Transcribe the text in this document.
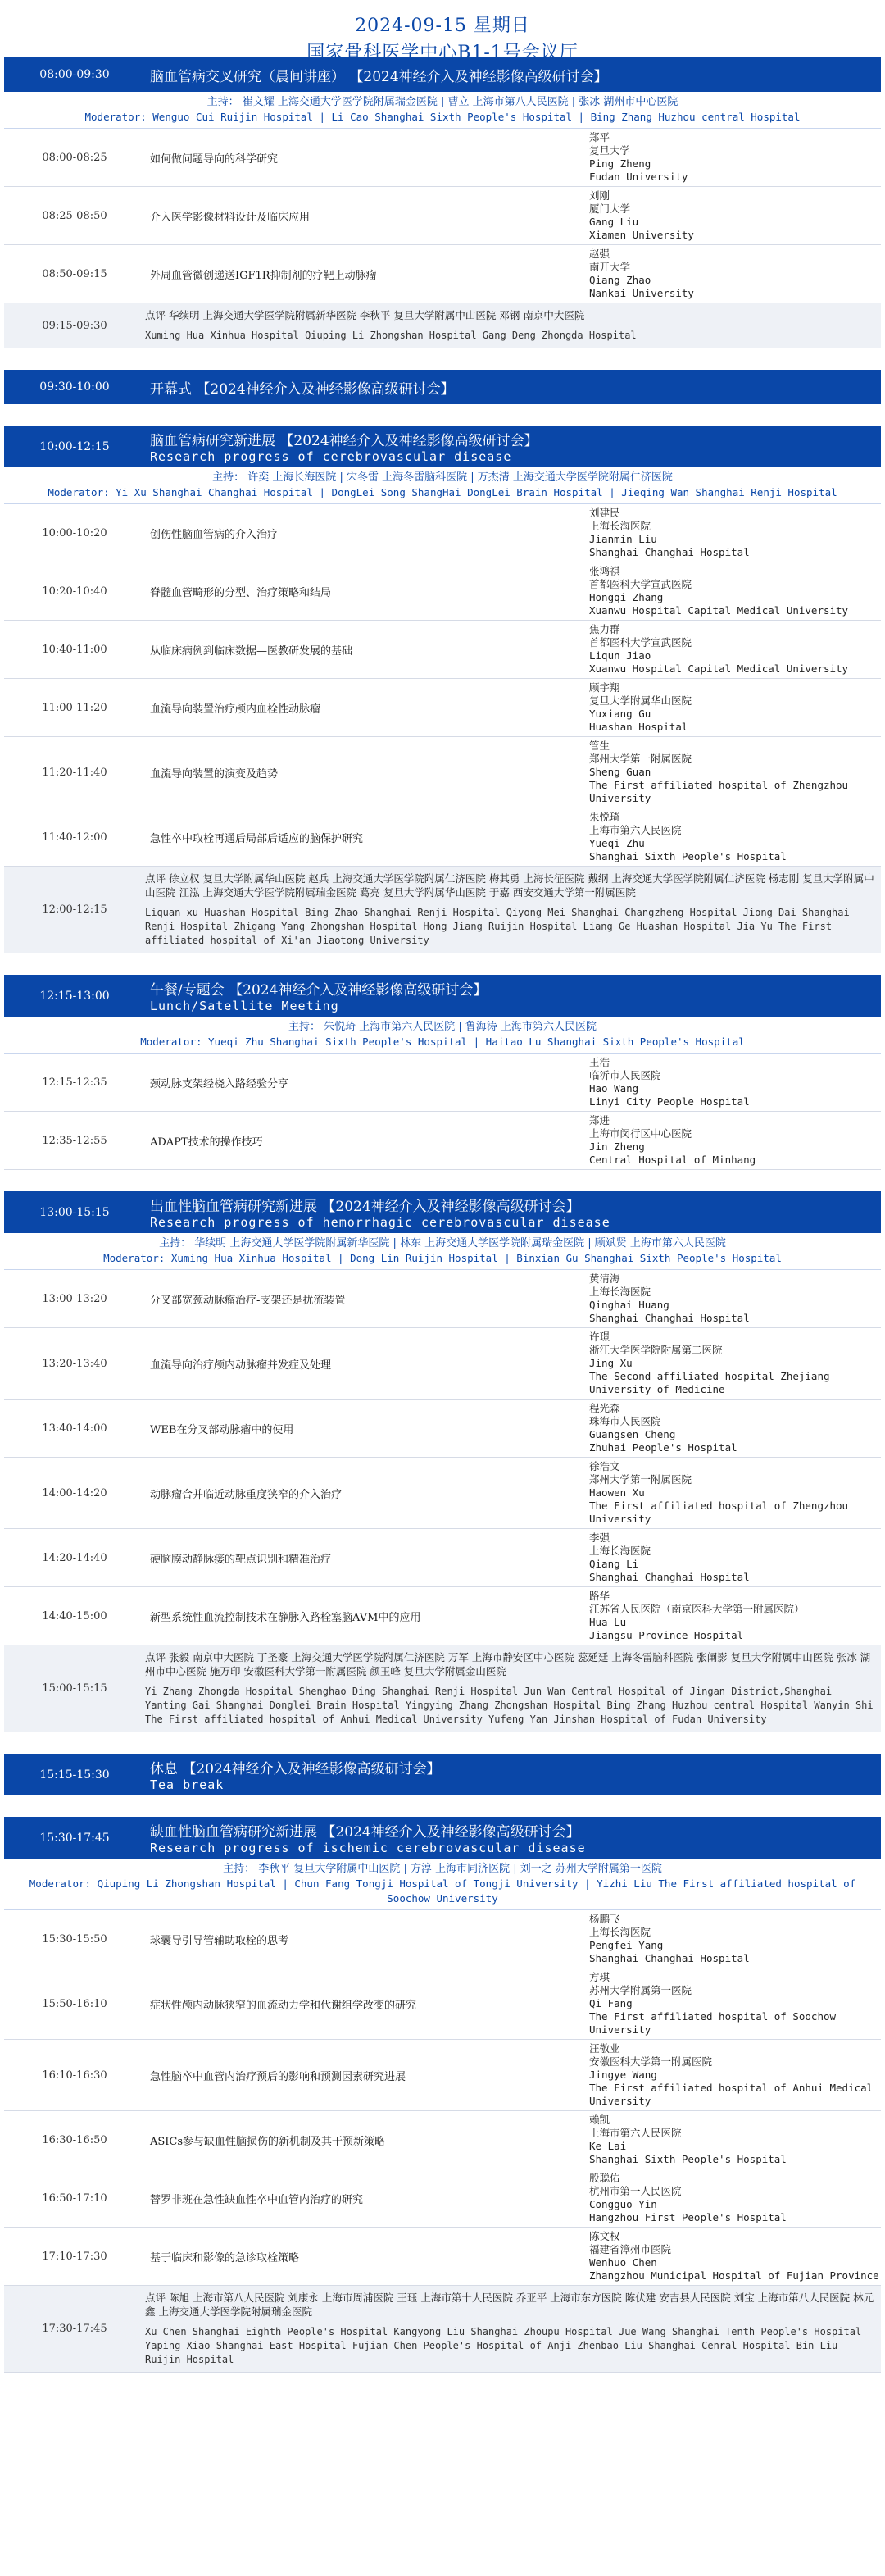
2024-09-15 星期日
国家骨科医学中心B1-1号会议厅
08:00-09:30	脑血管病交叉研究（晨间讲座） 【2024神经介入及神经影像高级研讨会】
主持： 崔文耀 上海交通大学医学院附属瑞金医院 | 曹立 上海市第八人民医院 | 张冰 湖州市中心医院
Moderator: Wenguo Cui Ruijin Hospital | Li Cao Shanghai Sixth People's Hospital | Bing Zhang Huzhou central Hospital
08:00-08:25	如何做问题导向的科学研究
郑平
复旦大学
Ping Zheng
Fudan University
08:25-08:50	介入医学影像材料设计及临床应用
刘刚
厦门大学
Gang Liu
Xiamen University
08:50-09:15	外周血管微创递送IGF1R抑制剂的疗靶上动脉瘤
赵强
南开大学
Qiang Zhao
Nankai University
09:15-09:30
点评 华续明 上海交通大学医学院附属新华医院 李秋平 复旦大学附属中山医院 邓钢 南京中大医院
Xuming Hua Xinhua Hospital Qiuping Li Zhongshan Hospital Gang Deng Zhongda Hospital
09:30-10:00	开幕式 【2024神经介入及神经影像高级研讨会】
10:00-12:15	脑血管病研究新进展 【2024神经介入及神经影像高级研讨会】
Research progress of cerebrovascular disease
主持： 许奕 上海长海医院 | 宋冬雷 上海冬雷脑科医院 | 万杰清 上海交通大学医学院附属仁济医院
Moderator: Yi Xu Shanghai Changhai Hospital | DongLei Song ShangHai DongLei Brain Hospital | Jieqing Wan Shanghai Renji Hospital
10:00-10:20	创伤性脑血管病的介入治疗
刘建民
上海长海医院
Jianmin Liu
Shanghai Changhai Hospital
10:20-10:40	脊髓血管畸形的分型、治疗策略和结局
张鸿祺
首都医科大学宣武医院
Hongqi Zhang
Xuanwu Hospital Capital Medical University
10:40-11:00	从临床病例到临床数据—医教研发展的基础
焦力群
首都医科大学宣武医院
Liqun Jiao
Xuanwu Hospital Capital Medical University
11:00-11:20	血流导向装置治疗颅内血栓性动脉瘤
顾宇翔
复旦大学附属华山医院
Yuxiang Gu
Huashan Hospital
11:20-11:40	血流导向装置的演变及趋势
管生
郑州大学第一附属医院
Sheng Guan
The First affiliated hospital of Zhengzhou University
11:40-12:00	急性卒中取栓再通后局部后适应的脑保护研究
朱悦琦
上海市第六人民医院
Yueqi Zhu
Shanghai Sixth People's Hospital
12:00-12:15
点评 徐立权 复旦大学附属华山医院 赵兵 上海交通大学医学院附属仁济医院 梅其勇 上海长征医院 戴纲 上海交通大学医学院附属仁济医院 杨志刚 复旦大学附属中山医院 江泓 上海交通大学医学院附属瑞金医院 葛亮 复旦大学附属华山医院 于嘉 西安交通大学第一附属医院
Liquan xu Huashan Hospital Bing Zhao Shanghai Renji Hospital Qiyong Mei Shanghai Changzheng Hospital Jiong Dai Shanghai Renji Hospital Zhigang Yang Zhongshan Hospital Hong Jiang Ruijin Hospital Liang Ge Huashan Hospital Jia Yu The First affiliated hospital of Xi'an Jiaotong University
12:15-13:00	午餐/专题会 【2024神经介入及神经影像高级研讨会】
Lunch/Satellite Meeting
主持： 朱悦琦 上海市第六人民医院 | 鲁海涛 上海市第六人民医院
Moderator: Yueqi Zhu Shanghai Sixth People's Hospital | Haitao Lu Shanghai Sixth People's Hospital
12:15-12:35	颈动脉支架经桡入路经验分享
王浩
临沂市人民医院
Hao Wang
Linyi City People Hospital
12:35-12:55	ADAPT技术的操作技巧
郑进
上海市闵行区中心医院
Jin Zheng
Central Hospital of Minhang
13:00-15:15	出血性脑血管病研究新进展 【2024神经介入及神经影像高级研讨会】
Research progress of hemorrhagic cerebrovascular disease
主持： 华续明 上海交通大学医学院附属新华医院 | 林东 上海交通大学医学院附属瑞金医院 | 顾斌贤 上海市第六人民医院
Moderator: Xuming Hua Xinhua Hospital | Dong Lin Ruijin Hospital | Binxian Gu Shanghai Sixth People's Hospital
13:00-13:20	分叉部宽颈动脉瘤治疗-支架还是扰流装置
黄清海
上海长海医院
Qinghai Huang
Shanghai Changhai Hospital
13:20-13:40	血流导向治疗颅内动脉瘤并发症及处理
许璟
浙江大学医学院附属第二医院
Jing Xu
The Second affiliated hospital Zhejiang University of Medicine
13:40-14:00	WEB在分叉部动脉瘤中的使用
程光森
珠海市人民医院
Guangsen Cheng
Zhuhai People's Hospital
14:00-14:20	动脉瘤合并临近动脉重度狭窄的介入治疗
徐浩文
郑州大学第一附属医院
Haowen Xu
The First affiliated hospital of Zhengzhou University
14:20-14:40	硬脑膜动静脉瘘的靶点识别和精准治疗
李强
上海长海医院
Qiang Li
Shanghai Changhai Hospital
14:40-15:00	新型系统性血流控制技术在静脉入路栓塞脑AVM中的应用
路华
江苏省人民医院（南京医科大学第一附属医院）
Hua Lu
Jiangsu Province Hospital
15:00-15:15
点评 张毅 南京中大医院 丁圣豪 上海交通大学医学院附属仁济医院 万军 上海市静安区中心医院 蕊延廷 上海冬雷脑科医院 张阐影 复旦大学附属中山医院 张冰 湖州市中心医院 施万印 安徽医科大学第一附属医院 颜玉峰 复旦大学附属金山医院
Yi Zhang Zhongda Hospital Shenghao Ding Shanghai Renji Hospital Jun Wan Central Hospital of Jingan District,Shanghai Yanting Gai Shanghai Donglei Brain Hospital Yingying Zhang Zhongshan Hospital Bing Zhang Huzhou central Hospital Wanyin Shi The First affiliated hospital of Anhui Medical University Yufeng Yan Jinshan Hospital of Fudan University
15:15-15:30	休息 【2024神经介入及神经影像高级研讨会】
Tea break
15:30-17:45	缺血性脑血管病研究新进展 【2024神经介入及神经影像高级研讨会】
Research progress of ischemic cerebrovascular disease
主持： 李秋平 复旦大学附属中山医院 | 方淳 上海市同济医院 | 刘一之 苏州大学附属第一医院
Moderator: Qiuping Li Zhongshan Hospital | Chun Fang Tongji Hospital of Tongji University | Yizhi Liu The First affiliated hospital of Soochow University
15:30-15:50	球囊导引导管辅助取栓的思考
杨鹏飞
上海长海医院
Pengfei Yang
Shanghai Changhai Hospital
15:50-16:10	症状性颅内动脉狭窄的血流动力学和代谢组学改变的研究
方琪
苏州大学附属第一医院
Qi Fang
The First affiliated hospital of Soochow University
16:10-16:30	急性脑卒中血管内治疗预后的影响和预测因素研究进展
汪敬业
安徽医科大学第一附属医院
Jingye Wang
The First affiliated hospital of Anhui Medical University
16:30-16:50	ASICs参与缺血性脑损伤的新机制及其干预新策略
赖凯
上海市第六人民医院
Ke Lai
Shanghai Sixth People's Hospital
16:50-17:10	替罗非班在急性缺血性卒中血管内治疗的研究
殷聪佑
杭州市第一人民医院
Congguo Yin
Hangzhou First People's Hospital
17:10-17:30	基于临床和影像的急诊取栓策略
陈文权
福建省漳州市医院
Wenhuo Chen
Zhangzhou Municipal Hospital of Fujian Province
17:30-17:45
点评 陈旭 上海市第八人民医院 刘康永 上海市周浦医院 王珏 上海市第十人民医院 乔亚平 上海市东方医院 陈伏建 安吉县人民医院 刘宝 上海市第八人民医院 林元鑫 上海交通大学医学院附属瑞金医院
Xu Chen Shanghai Eighth People's Hospital Kangyong Liu Shanghai Zhoupu Hospital Jue Wang Shanghai Tenth People's Hospital Yaping Xiao Shanghai East Hospital Fujian Chen People's Hospital of Anji Zhenbao Liu Shanghai Cenral Hospital Bin Liu Ruijin Hospital
